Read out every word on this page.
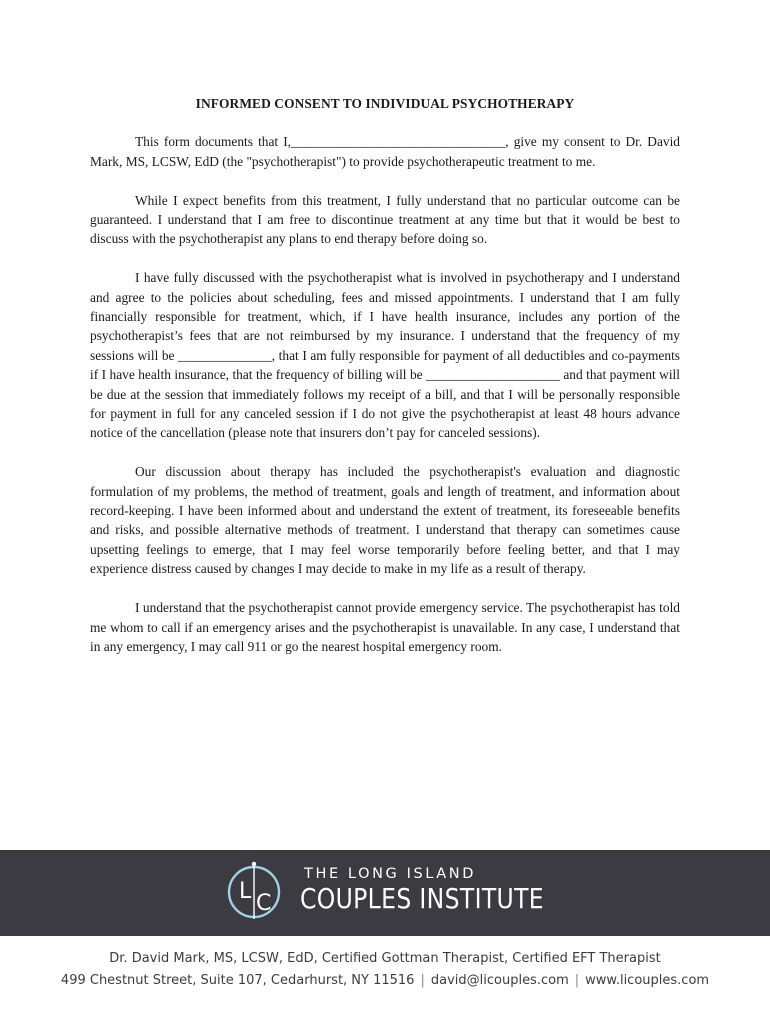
INFORMED CONSENT TO INDIVIDUAL PSYCHOTHERAPY

This form documents that I,________________________________, give my consent to Dr. David Mark, MS, LCSW, EdD (the "psychotherapist") to provide psychotherapeutic treatment to me.

While I expect benefits from this treatment, I fully understand that no particular outcome can be guaranteed. I understand that I am free to discontinue treatment at any time but that it would be best to discuss with the psychotherapist any plans to end therapy before doing so.

I have fully discussed with the psychotherapist what is involved in psychotherapy and I understand and agree to the policies about scheduling, fees and missed appointments. I understand that I am fully financially responsible for treatment, which, if I have health insurance, includes any portion of the psychotherapist’s fees that are not reimbursed by my insurance. I understand that the frequency of my sessions will be ______________, that I am fully responsible for payment of all deductibles and co-payments if I have health insurance, that the frequency of billing will be ____________________ and that payment will be due at the session that immediately follows my receipt of a bill, and that I will be personally responsible for payment in full for any canceled session if I do not give the psychotherapist at least 48 hours advance notice of the cancellation (please note that insurers don’t pay for canceled sessions).

Our discussion about therapy has included the psychotherapist's evaluation and diagnostic formulation of my problems, the method of treatment, goals and length of treatment, and information about record-keeping. I have been informed about and understand the extent of treatment, its foreseeable benefits and risks, and possible alternative methods of treatment. I understand that therapy can sometimes cause upsetting feelings to emerge, that I may feel worse temporarily before feeling better, and that I may experience distress caused by changes I may decide to make in my life as a result of therapy.

I understand that the psychotherapist cannot provide emergency service. The psychotherapist has told me whom to call if an emergency arises and the psychotherapist is unavailable. In any case, I understand that in any emergency, I may call 911 or go the nearest hospital emergency room.

L C
THE LONG ISLAND
COUPLES INSTITUTE
Dr. David Mark, MS, LCSW, EdD, Certified Gottman Therapist, Certified EFT Therapist
499 Chestnut Street, Suite 107, Cedarhurst, NY 11516 | david@licouples.com | www.licouples.com
